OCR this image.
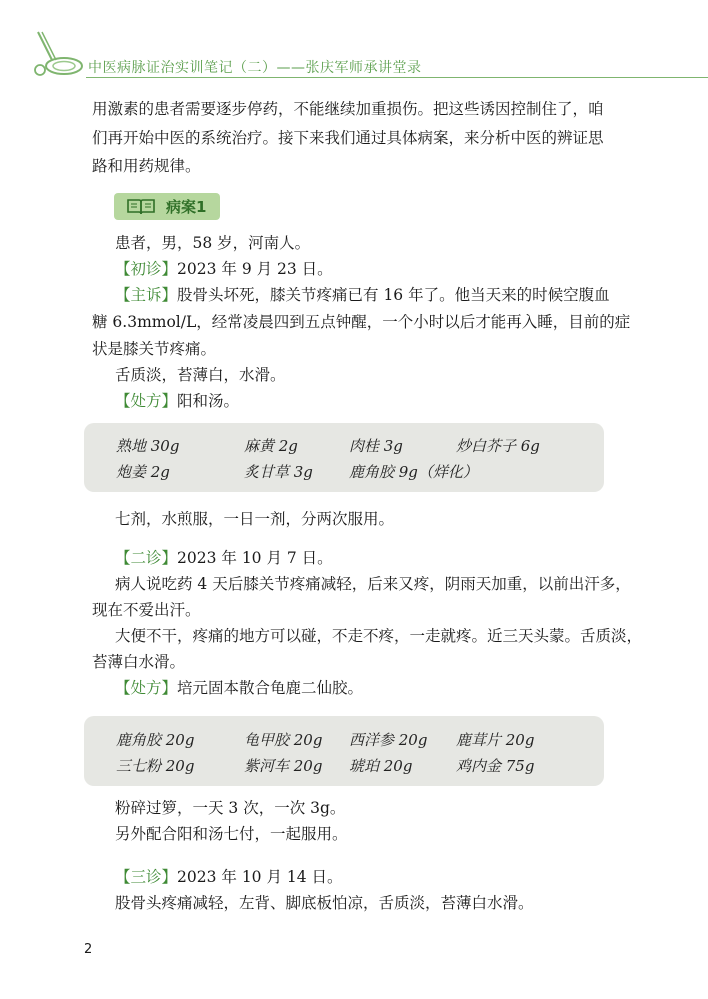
中医病脉证治实训笔记（二）——张庆军师承讲堂录

用激素的患者需要逐步停药，不能继续加重损伤。把这些诱因控制住了，咱

们再开始中医的系统治疗。接下来我们通过具体病案，来分析中医的辨证思

路和用药规律。

病案1

患者，男，58 岁，河南人。

【初诊】2023 年 9 月 23 日。

【主诉】股骨头坏死，膝关节疼痛已有 16 年了。他当天来的时候空腹血

糖 6.3mmol/L，经常凌晨四到五点钟醒，一个小时以后才能再入睡，目前的症

状是膝关节疼痛。

舌质淡，苔薄白，水滑。

【处方】阳和汤。

熟地 30g	麻黄 2g	肉桂 3g	炒白芥子 6g
炮姜 2g	炙甘草 3g 鹿角胶 9g（烊化）

七剂，水煎服，一日一剂，分两次服用。

【二诊】2023 年 10 月 7 日。

病人说吃药 4 天后膝关节疼痛减轻，后来又疼，阴雨天加重，以前出汗多，

现在不爱出汗。

大便不干，疼痛的地方可以碰，不走不疼，一走就疼。近三天头蒙。舌质淡，

苔薄白水滑。

【处方】培元固本散合龟鹿二仙胶。

鹿角胶 20g	龟甲胶 20g 西洋参 20g 鹿茸片 20g
三七粉 20g	紫河车 20g 琥珀 20g	鸡内金 75g

粉碎过箩，一天 3 次，一次 3g。

另外配合阳和汤七付，一起服用。

【三诊】2023 年 10 月 14 日。

股骨头疼痛减轻，左背、脚底板怕凉，舌质淡，苔薄白水滑。

2
